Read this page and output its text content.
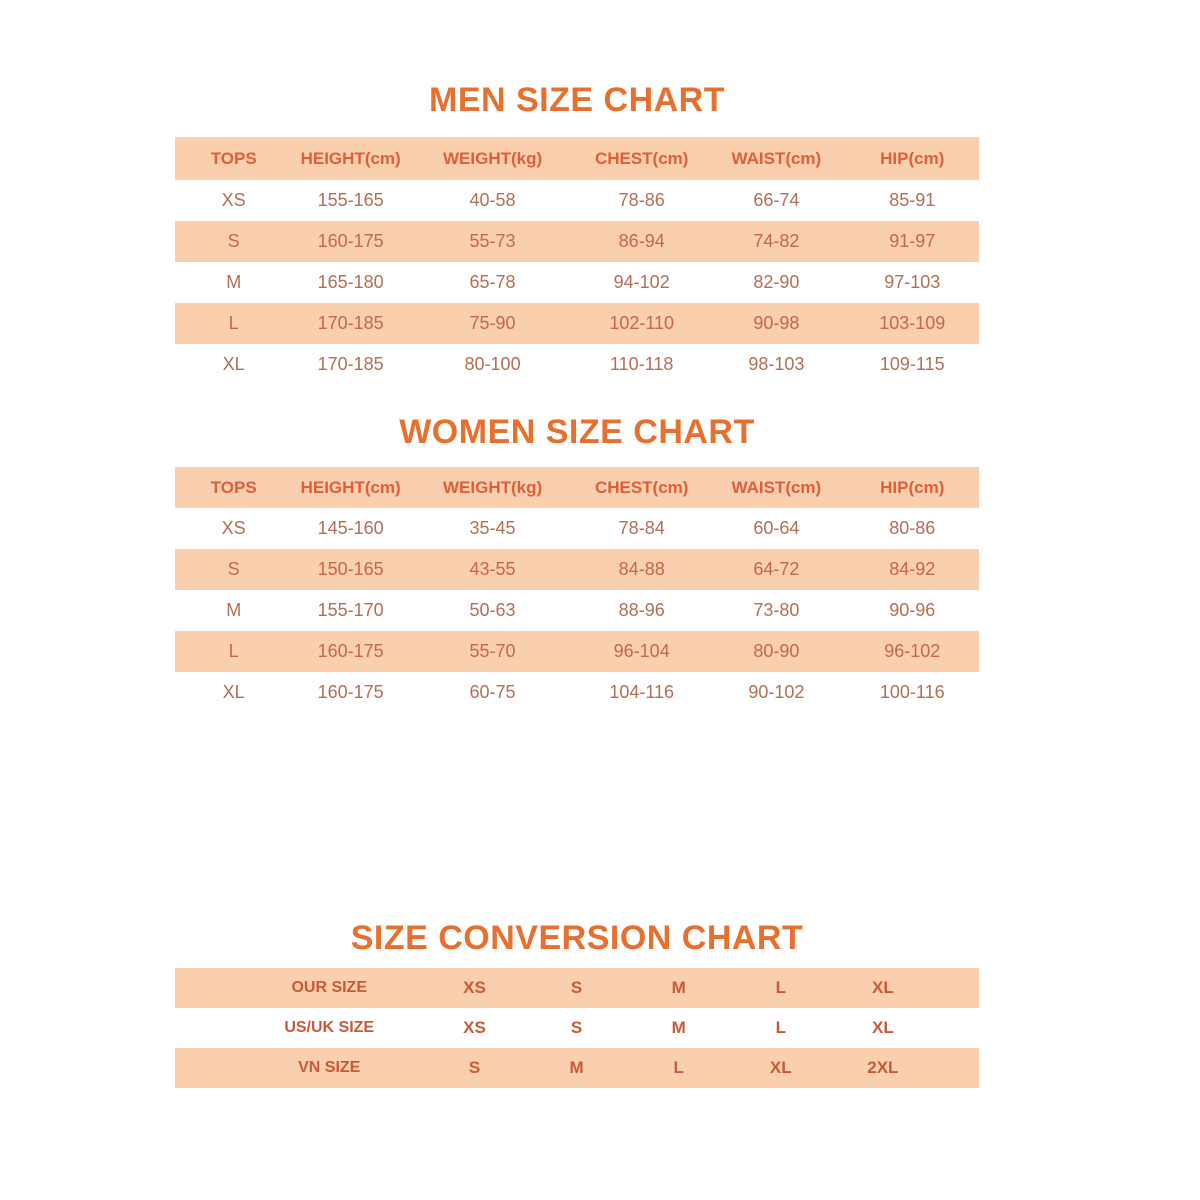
MEN SIZE CHART
TOPS	HEIGHT(cm)	WEIGHT(kg)	CHEST(cm)	WAIST(cm)	HIP(cm)
XS	155-165	40-58	78-86	66-74	85-91
S	160-175	55-73	86-94	74-82	91-97
M	165-180	65-78	94-102	82-90	97-103
L	170-185	75-90	102-110	90-98	103-109
XL	170-185	80-100	110-118	98-103	109-115
WOMEN SIZE CHART
TOPS	HEIGHT(cm)	WEIGHT(kg)	CHEST(cm)	WAIST(cm)	HIP(cm)
XS	145-160	35-45	78-84	60-64	80-86
S	150-165	43-55	84-88	64-72	84-92
M	155-170	50-63	88-96	73-80	90-96
L	160-175	55-70	96-104	80-90	96-102
XL	160-175	60-75	104-116	90-102	100-116
SIZE CONVERSION CHART
OUR SIZE	XS	S	M	L	XL	
US/UK SIZE	XS	S	M	L	XL	
VN SIZE	S	M	L	XL	2XL	
